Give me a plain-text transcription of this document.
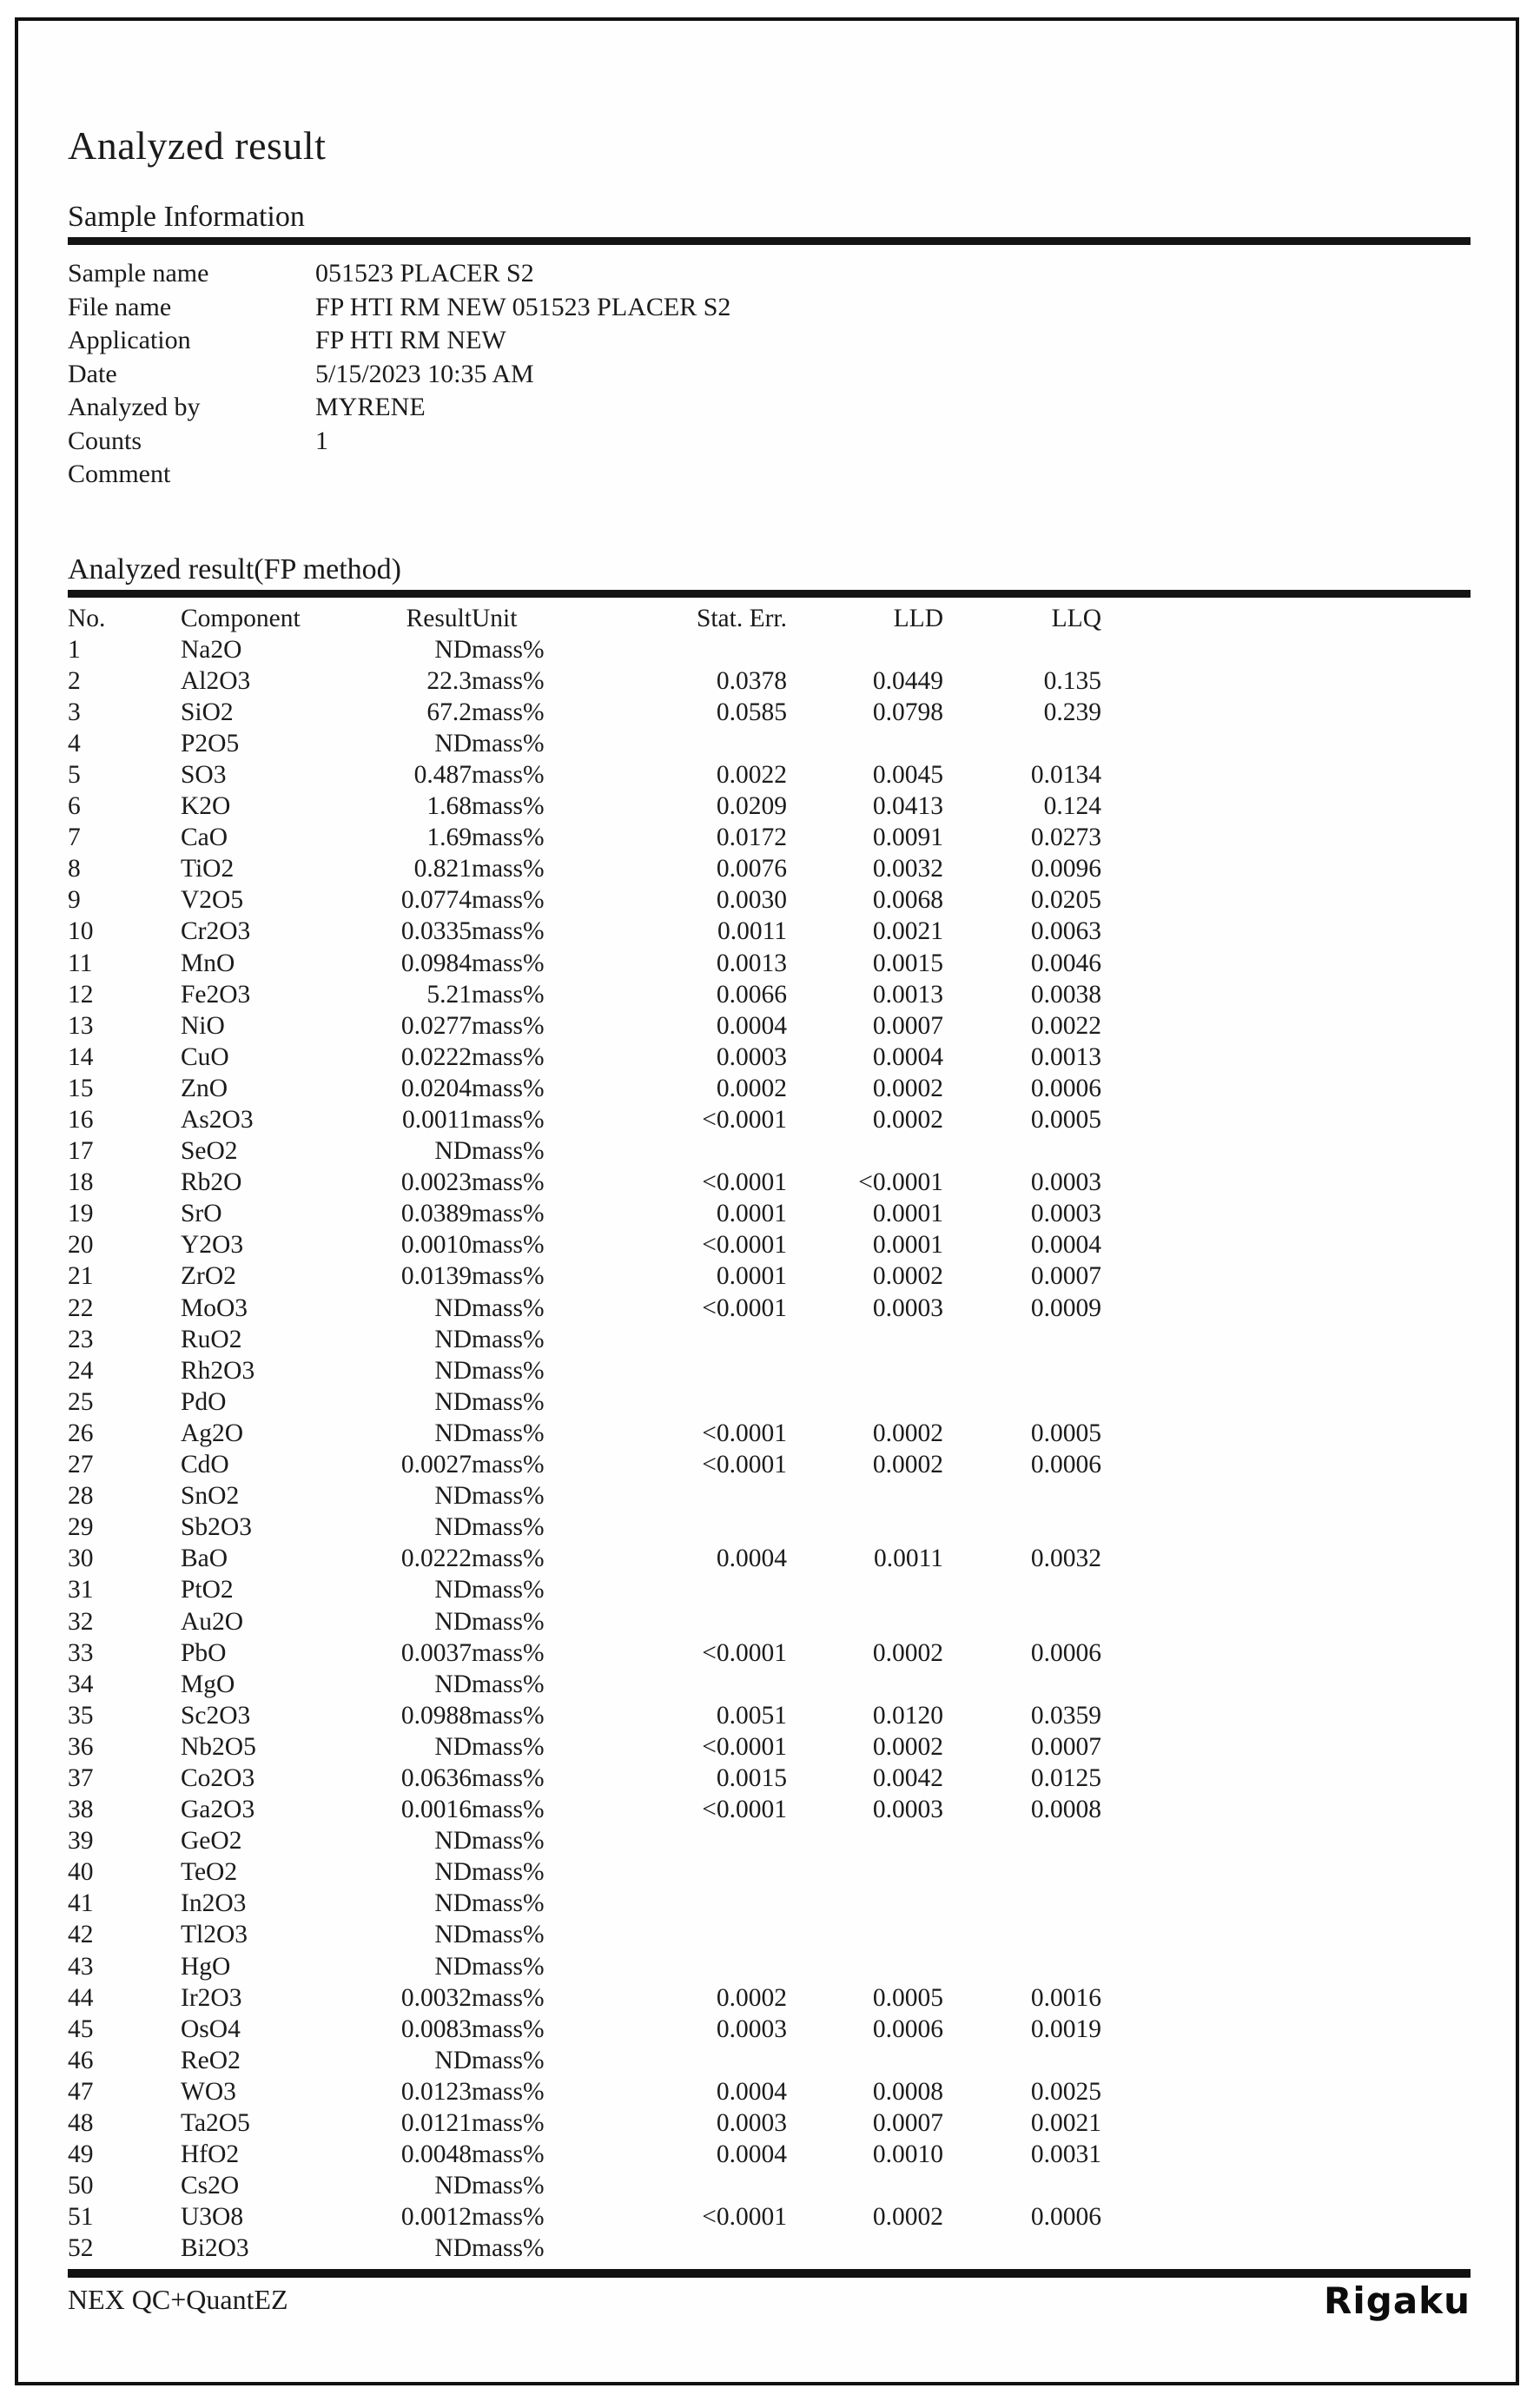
Analyzed result
Sample Information
Sample name	051523 PLACER S2
File name	FP HTI RM NEW 051523 PLACER S2
Application	FP HTI RM NEW
Date	5/15/2023 10:35 AM
Analyzed by	MYRENE
Counts	1
Comment
Analyzed result(FP method)
No.	Component	Result	Unit	Stat. Err.	LLD	LLQ	
1	Na2O	ND	mass%				
2	Al2O3	22.3	mass%	0.0378	0.0449	0.135	
3	SiO2	67.2	mass%	0.0585	0.0798	0.239	
4	P2O5	ND	mass%				
5	SO3	0.487	mass%	0.0022	0.0045	0.0134	
6	K2O	1.68	mass%	0.0209	0.0413	0.124	
7	CaO	1.69	mass%	0.0172	0.0091	0.0273	
8	TiO2	0.821	mass%	0.0076	0.0032	0.0096	
9	V2O5	0.0774	mass%	0.0030	0.0068	0.0205	
10	Cr2O3	0.0335	mass%	0.0011	0.0021	0.0063	
11	MnO	0.0984	mass%	0.0013	0.0015	0.0046	
12	Fe2O3	5.21	mass%	0.0066	0.0013	0.0038	
13	NiO	0.0277	mass%	0.0004	0.0007	0.0022	
14	CuO	0.0222	mass%	0.0003	0.0004	0.0013	
15	ZnO	0.0204	mass%	0.0002	0.0002	0.0006	
16	As2O3	0.0011	mass%	<0.0001	0.0002	0.0005	
17	SeO2	ND	mass%				
18	Rb2O	0.0023	mass%	<0.0001	<0.0001	0.0003	
19	SrO	0.0389	mass%	0.0001	0.0001	0.0003	
20	Y2O3	0.0010	mass%	<0.0001	0.0001	0.0004	
21	ZrO2	0.0139	mass%	0.0001	0.0002	0.0007	
22	MoO3	ND	mass%	<0.0001	0.0003	0.0009	
23	RuO2	ND	mass%				
24	Rh2O3	ND	mass%				
25	PdO	ND	mass%				
26	Ag2O	ND	mass%	<0.0001	0.0002	0.0005	
27	CdO	0.0027	mass%	<0.0001	0.0002	0.0006	
28	SnO2	ND	mass%				
29	Sb2O3	ND	mass%				
30	BaO	0.0222	mass%	0.0004	0.0011	0.0032	
31	PtO2	ND	mass%				
32	Au2O	ND	mass%				
33	PbO	0.0037	mass%	<0.0001	0.0002	0.0006	
34	MgO	ND	mass%				
35	Sc2O3	0.0988	mass%	0.0051	0.0120	0.0359	
36	Nb2O5	ND	mass%	<0.0001	0.0002	0.0007	
37	Co2O3	0.0636	mass%	0.0015	0.0042	0.0125	
38	Ga2O3	0.0016	mass%	<0.0001	0.0003	0.0008	
39	GeO2	ND	mass%				
40	TeO2	ND	mass%				
41	In2O3	ND	mass%				
42	Tl2O3	ND	mass%				
43	HgO	ND	mass%				
44	Ir2O3	0.0032	mass%	0.0002	0.0005	0.0016	
45	OsO4	0.0083	mass%	0.0003	0.0006	0.0019	
46	ReO2	ND	mass%				
47	WO3	0.0123	mass%	0.0004	0.0008	0.0025	
48	Ta2O5	0.0121	mass%	0.0003	0.0007	0.0021	
49	HfO2	0.0048	mass%	0.0004	0.0010	0.0031	
50	Cs2O	ND	mass%				
51	U3O8	0.0012	mass%	<0.0001	0.0002	0.0006	
52	Bi2O3	ND	mass%				
NEX QC+QuantEZ	Rigaku
